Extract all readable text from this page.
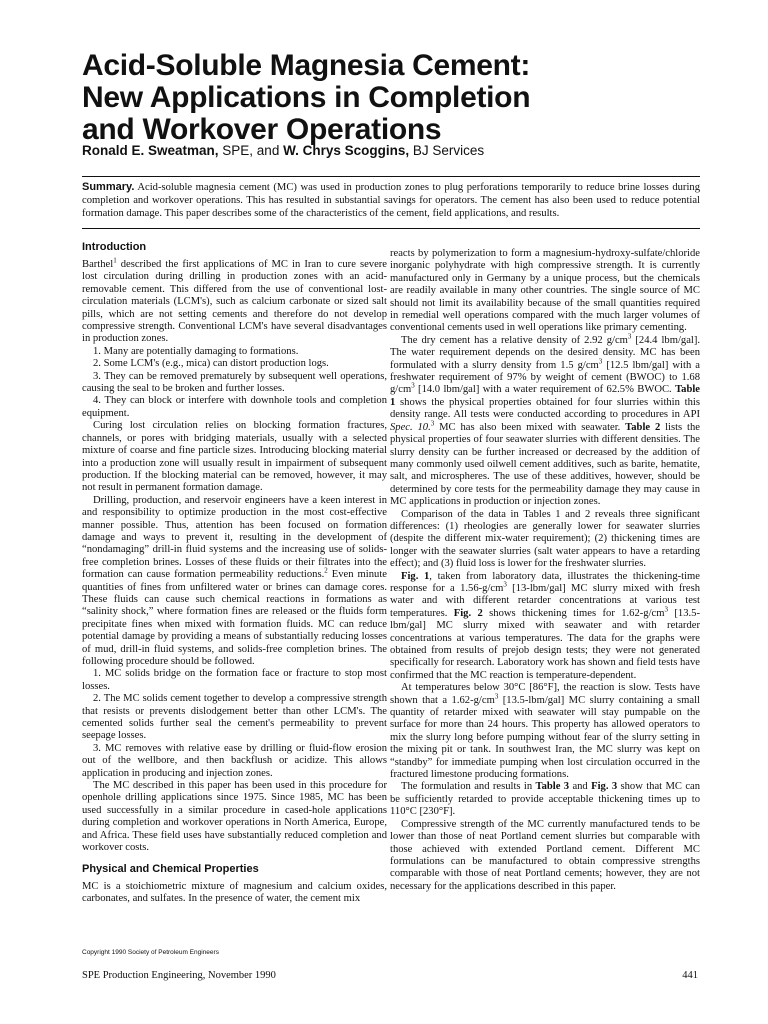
Acid-Soluble Magnesia Cement:
New Applications in Completion
and Workover Operations
Ronald E. Sweatman, SPE, and W. Chrys Scoggins, BJ Services

Summary. Acid-soluble magnesia cement (MC) was used in production zones to plug perforations temporarily to reduce brine losses during completion and workover operations. This has resulted in substantial savings for operators. The cement has also been used to reduce potential formation damage. This paper describes some of the characteristics of the cement, field applications, and results.

Introduction

Barthel$^1$ described the first applications of MC in Iran to cure severe lost circulation during drilling in production zones with an acid-removable cement. This differed from the use of conventional lost-circulation materials (LCM's), such as calcium carbonate or sized salt pills, which are not setting cements and therefore do not develop compressive strength. Conventional LCM's have several disadvantages in production zones.

1. Many are potentially damaging to formations.

2. Some LCM's (e.g., mica) can distort production logs.

3. They can be removed prematurely by subsequent well operations, causing the seal to be broken and further losses.

4. They can block or interfere with downhole tools and completion equipment.

Curing lost circulation relies on blocking formation fractures, channels, or pores with bridging materials, usually with a selected mixture of coarse and fine particle sizes. Introducing blocking material into a production zone will usually result in impairment of subsequent production. If the blocking material can be removed, however, it may not result in permanent formation damage.

Drilling, production, and reservoir engineers have a keen interest in and responsibility to optimize production in the most cost-effective manner possible. Thus, attention has been focused on formation damage and ways to prevent it, resulting in the development of “nondamaging” drill-in fluid systems and the increasing use of solids-free completion brines. Losses of these fluids or their filtrates into the formation can cause formation permeability reductions.$^2$ Even minute quantities of fines from unfiltered water or brines can damage cores. These fluids can cause such chemical reactions in formations as “salinity shock,” where formation fines are released or the fluids form precipitate fines when mixed with formation fluids. MC can reduce potential damage by providing a means of substantially reducing losses of mud, drill-in fluid systems, and solids-free completion brines. The following procedure should be followed.

1. MC solids bridge on the formation face or fracture to stop most losses.

2. The MC solids cement together to develop a compressive strength that resists or prevents dislodgement better than other LCM's. The cemented solids further seal the cement's permeability to prevent seepage losses.

3. MC removes with relative ease by drilling or fluid-flow erosion out of the wellbore, and then backflush or acidize. This allows application in producing and injection zones.

The MC described in this paper has been used in this procedure for openhole drilling applications since 1975. Since 1985, MC has been used successfully in a similar procedure in cased-hole applications during completion and workover operations in North America, Europe, and Africa. These field uses have substantially reduced completion and workover costs.

Physical and Chemical Properties

MC is a stoichiometric mixture of magnesium and calcium oxides, carbonates, and sulfates. In the presence of water, the cement mix

reacts by polymerization to form a magnesium-hydroxy-sulfate/chloride inorganic polyhydrate with high compressive strength. It is currently manufactured only in Germany by a unique process, but the chemicals are readily available in many other countries. The single source of MC should not limit its availability because of the small quantities required in remedial well operations compared with the much larger volumes of conventional cements used in well operations like primary cementing.

The dry cement has a relative density of 2.92 $g/cm^3$ [24.4 lbm/gal]. The water requirement depends on the desired density. MC has been formulated with a slurry density from 1.5 $g/cm^3$ [12.5 lbm/gal] with a freshwater requirement of 97% by weight of cement (BWOC) to 1.68 $g/cm^3$ [14.0 lbm/gal] with a water requirement of 62.5% BWOC. Table 1 shows the physical properties obtained for four slurries within this density range. All tests were conducted according to procedures in API Spec. 10.$^3$ MC has also been mixed with seawater. Table 2 lists the physical properties of four seawater slurries with different densities. The slurry density can be further increased or decreased by the addition of many commonly used oilwell cement additives, such as barite, hematite, salt, and microspheres. The use of these additives, however, should be determined by core tests for the permeability damage they may cause in MC applications in production or injection zones.

Comparison of the data in Tables 1 and 2 reveals three significant differences: (1) rheologies are generally lower for seawater slurries (despite the different mix-water requirement); (2) thickening times are longer with the seawater slurries (salt water appears to have a retarding effect); and (3) fluid loss is lower for the freshwater slurries.

Fig. 1, taken from laboratory data, illustrates the thickening-time response for a $1.56-g/cm^3$ [13-lbm/gal] MC slurry mixed with fresh water and with different retarder concentrations at various test temperatures. Fig. 2 shows thickening times for $1.62-g/cm^3$ [13.5-lbm/gal] MC slurry mixed with seawater and with retarder concentrations at various temperatures. The data for the graphs were obtained from results of prejob design tests; they were not generated specifically for research. Laboratory work has shown and field tests have confirmed that the MC reaction is temperature-dependent.

At temperatures below 30°C [86°F], the reaction is slow. Tests have shown that a $1.62-g/cm^3$ [13.5-lbm/gal] MC slurry containing a small quantity of retarder mixed with seawater will stay pumpable on the surface for more than 24 hours. This property has allowed operators to mix the slurry long before pumping without fear of the slurry setting in the mixing pit or tank. In southwest Iran, the MC slurry was kept on “standby” for immediate pumping when lost circulation occurred in the fractured limestone producing formations.

The formulation and results in Table 3 and Fig. 3 show that MC can be sufficiently retarded to provide acceptable thickening times up to 110°C [230°F].

Compressive strength of the MC currently manufactured tends to be lower than those of neat Portland cement slurries but comparable with those achieved with extended Portland cement. Different MC formulations can be manufactured to obtain compressive strengths comparable with those of neat Portland cements; however, they are not necessary for the applications described in this paper.

Copyright 1990 Society of Petroleum Engineers
SPE Production Engineering, November 1990	441
